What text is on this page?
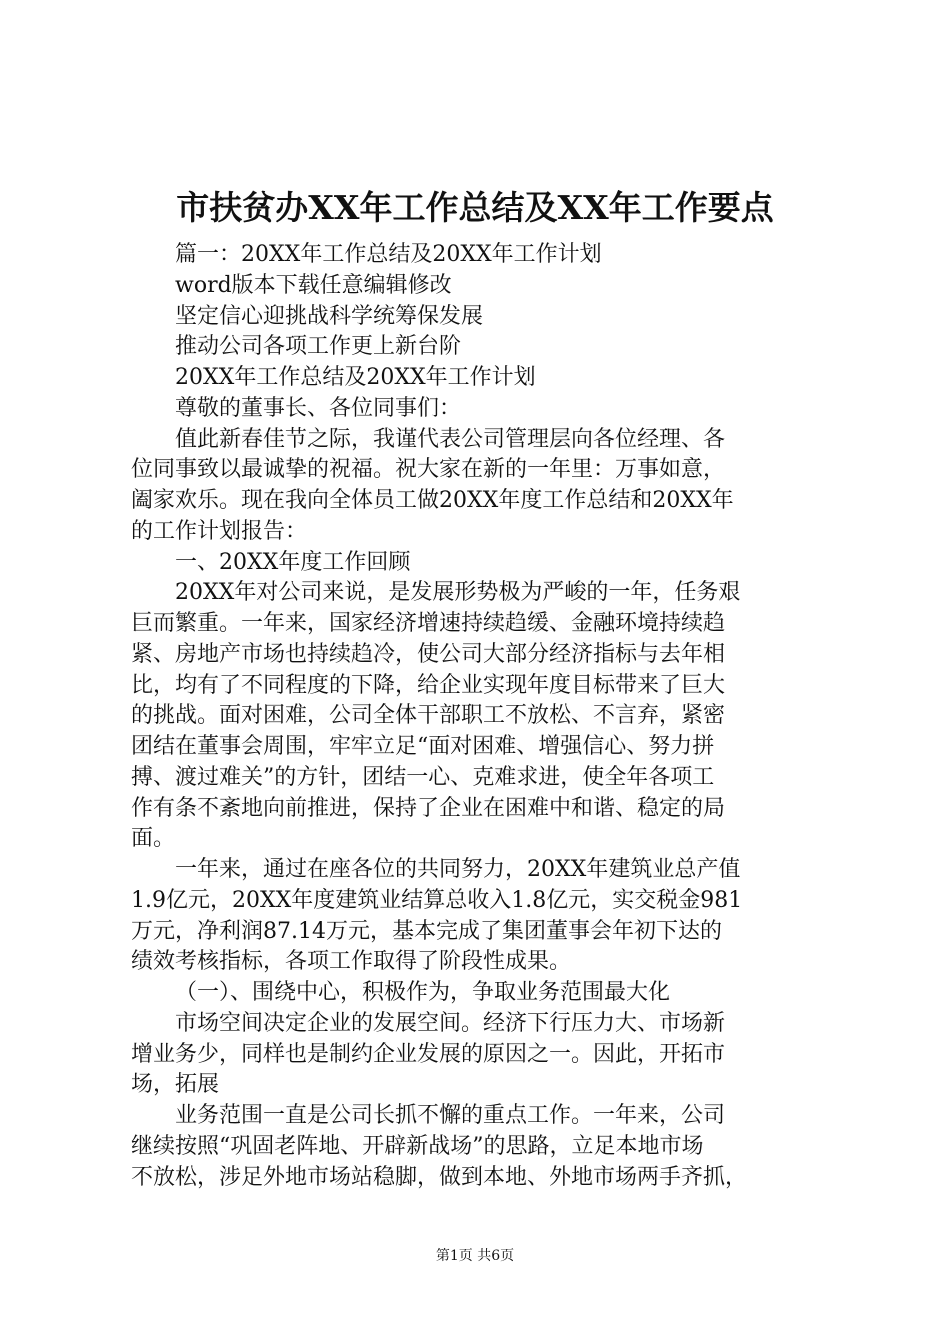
市扶贫办XX年工作总结及XX年工作要点
篇一：20XX年工作总结及20XX年工作计划
word版本下载任意编辑修改
坚定信心迎挑战科学统筹保发展
推动公司各项工作更上新台阶
20XX年工作总结及20XX年工作计划
尊敬的董事长、各位同事们：
值此新春佳节之际，我谨代表公司管理层向各位经理、各
位同事致以最诚挚的祝福。祝大家在新的一年里：万事如意，
阖家欢乐。现在我向全体员工做20XX年度工作总结和20XX年
的工作计划报告：
一、20XX年度工作回顾
20XX年对公司来说，是发展形势极为严峻的一年，任务艰
巨而繁重。一年来，国家经济增速持续趋缓、金融环境持续趋
紧、房地产市场也持续趋冷，使公司大部分经济指标与去年相
比，均有了不同程度的下降，给企业实现年度目标带来了巨大
的挑战。面对困难，公司全体干部职工不放松、不言弃，紧密
团结在董事会周围，牢牢立足“面对困难、增强信心、努力拼
搏、渡过难关”的方针，团结一心、克难求进，使全年各项工
作有条不紊地向前推进，保持了企业在困难中和谐、稳定的局
面。
一年来，通过在座各位的共同努力，20XX年建筑业总产值
1.9亿元，20XX年度建筑业结算总收入1.8亿元，实交税金981
万元，净利润87.14万元，基本完成了集团董事会年初下达的
绩效考核指标，各项工作取得了阶段性成果。
（一）、围绕中心，积极作为，争取业务范围最大化
市场空间决定企业的发展空间。经济下行压力大、市场新
增业务少，同样也是制约企业发展的原因之一。因此，开拓市
场，拓展
业务范围一直是公司长抓不懈的重点工作。一年来，公司
继续按照“巩固老阵地、开辟新战场”的思路，立足本地市场
不放松，涉足外地市场站稳脚，做到本地、外地市场两手齐抓，
第1页 共6页
